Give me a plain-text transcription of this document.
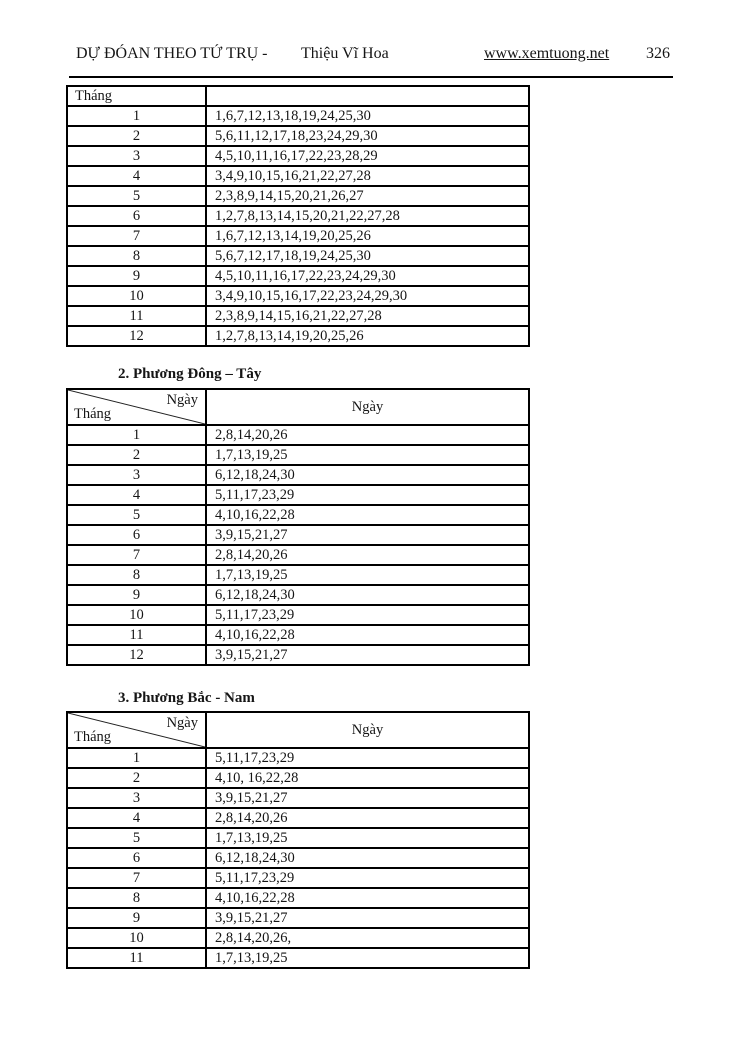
DỰ ĐÓAN THEO TỨ TRỤ - Thiệu Vĩ Hoa	www.xemtuong.net 326
Tháng	
1	1,6,7,12,13,18,19,24,25,30
2	5,6,11,12,17,18,23,24,29,30
3	4,5,10,11,16,17,22,23,28,29
4	3,4,9,10,15,16,21,22,27,28
5	2,3,8,9,14,15,20,21,26,27
6	1,2,7,8,13,14,15,20,21,22,27,28
7	1,6,7,12,13,14,19,20,25,26
8	5,6,7,12,17,18,19,24,25,30
9	4,5,10,11,16,17,22,23,24,29,30
10	3,4,9,10,15,16,17,22,23,24,29,30
11	2,3,8,9,14,15,16,21,22,27,28
12	1,2,7,8,13,14,19,20,25,26
2. Phương Đông – Tây
Ngày
Tháng	Ngày
1	2,8,14,20,26
2	1,7,13,19,25
3	6,12,18,24,30
4	5,11,17,23,29
5	4,10,16,22,28
6	3,9,15,21,27
7	2,8,14,20,26
8	1,7,13,19,25
9	6,12,18,24,30
10	5,11,17,23,29
11	4,10,16,22,28
12	3,9,15,21,27
3. Phương Bắc - Nam
Ngày
Tháng	Ngày
1	5,11,17,23,29
2	4,10, 16,22,28
3	3,9,15,21,27
4	2,8,14,20,26
5	1,7,13,19,25
6	6,12,18,24,30
7	5,11,17,23,29
8	4,10,16,22,28
9	3,9,15,21,27
10	2,8,14,20,26,
11	1,7,13,19,25
